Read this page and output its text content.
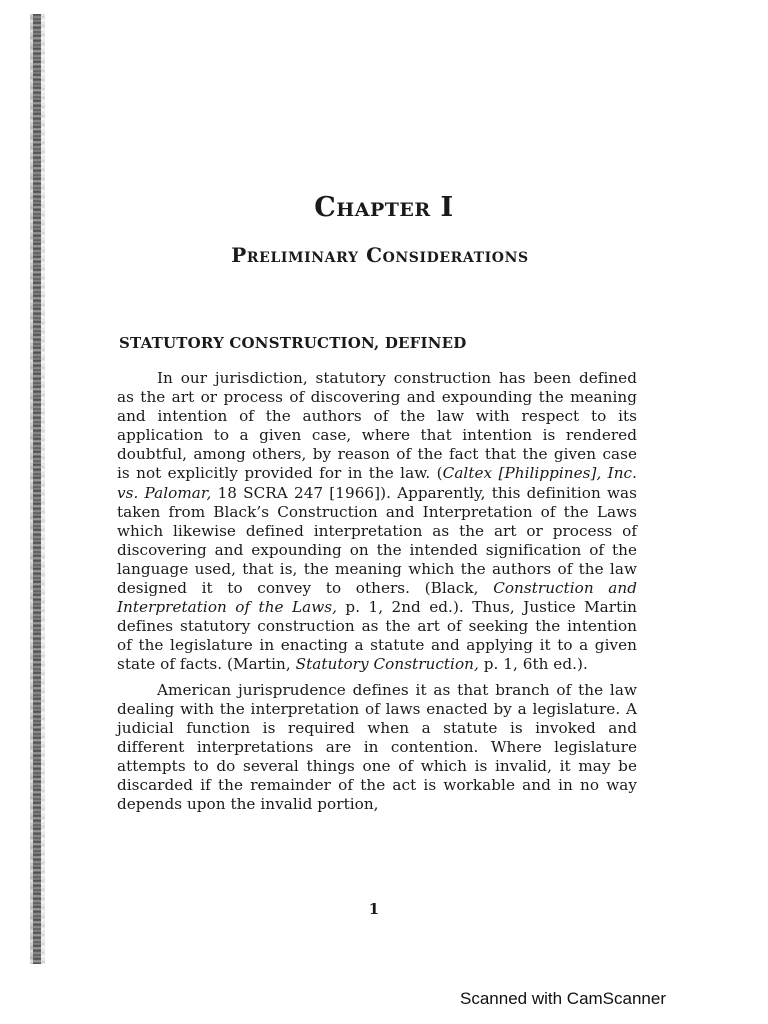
Chapter I
Preliminary Considerations
STATUTORY CONSTRUCTION, DEFINED

In our jurisdiction, statutory construction has been defined as the art or process of discovering and expounding the meaning and intention of the authors of the law with respect to its application to a given case, where that intention is rendered doubtful, among others, by reason of the fact that the given case is not explicitly provided for in the law. (Caltex [Philippines], Inc. vs. Palomar, 18 SCRA 247 [1966]). Apparently, this definition was taken from Black’s Construction and Interpretation of the Laws which likewise defined interpretation as the art or process of discovering and expounding on the intended signification of the language used, that is, the meaning which the authors of the law designed it to convey to others. (Black, Construction and Interpretation of the Laws, p. 1, 2nd ed.). Thus, Justice Martin defines statutory construction as the art of seeking the intention of the legislature in enacting a statute and applying it to a given state of facts. (Martin, Statutory Construction, p. 1, 6th ed.).

American jurisprudence defines it as that branch of the law dealing with the interpretation of laws enacted by a legislature. A judicial function is required when a statute is invoked and different interpretations are in contention. Where legislature attempts to do several things one of which is invalid, it may be discarded if the remainder of the act is workable and in no way depends upon the invalid portion,

1
Scanned with CamScanner
